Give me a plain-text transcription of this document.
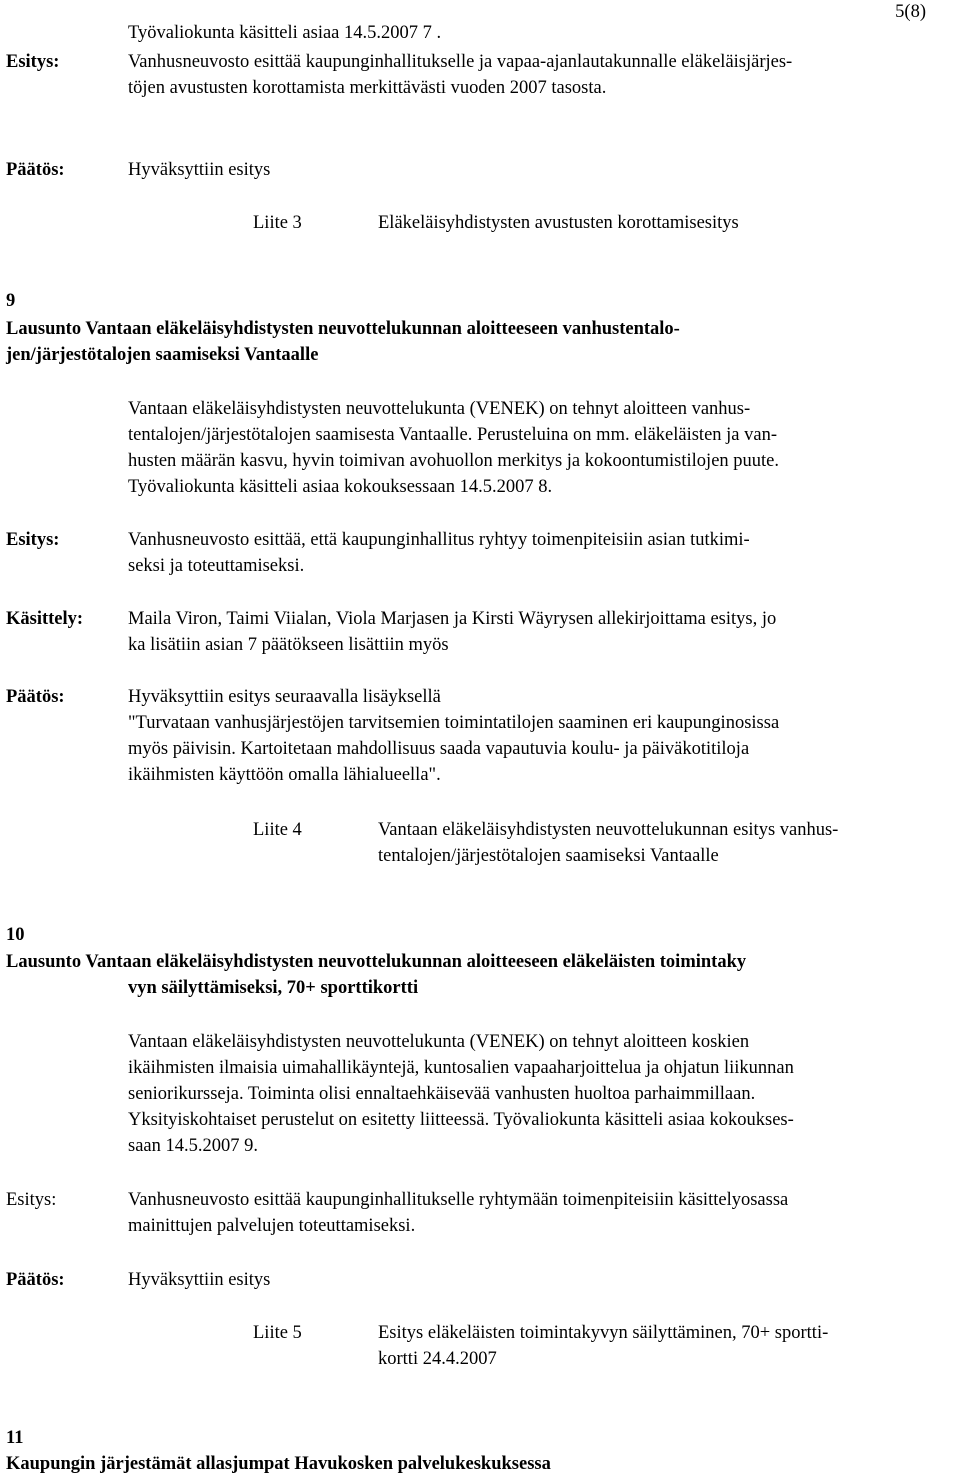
Työvaliokunta käsitteli asiaa 14.5.2007 7 .
5(8)
Esitys:	Vanhusneuvosto esittää kaupunginhallitukselle ja vapaa-ajanlautakunnalle eläkeläisjärjes-
töjen avustusten korottamista merkittävästi vuoden 2007 tasosta.
Päätös:	Hyväksyttiin esitys
Liite 3	Eläkeläisyhdistysten avustusten korottamisesitys
9
Lausunto Vantaan eläkeläisyhdistysten neuvottelukunnan aloitteeseen vanhustentalo-
jen/järjestötalojen saamiseksi Vantaalle
Vantaan eläkeläisyhdistysten neuvottelukunta (VENEK) on tehnyt aloitteen vanhus-
tentalojen/järjestötalojen saamisesta Vantaalle. Perusteluina on mm. eläkeläisten ja van-
husten määrän kasvu, hyvin toimivan avohuollon merkitys ja kokoontumistilojen puute.
Työvaliokunta käsitteli asiaa kokouksessaan 14.5.2007 8.
Esitys:	Vanhusneuvosto esittää, että kaupunginhallitus ryhtyy toimenpiteisiin asian tutkimi-
seksi ja toteuttamiseksi.
Käsittely: Maila Viron, Taimi Viialan, Viola Marjasen ja Kirsti Wäyrysen allekirjoittama esitys, jo
ka lisätiin asian 7 päätökseen lisättiin myös
Päätös:	Hyväksyttiin esitys seuraavalla lisäyksellä
"Turvataan vanhusjärjestöjen tarvitsemien toimintatilojen saaminen eri kaupunginosissa
myös päivisin. Kartoitetaan mahdollisuus saada vapautuvia koulu- ja päiväkotitiloja
ikäihmisten käyttöön omalla lähialueella".
Liite 4	Vantaan eläkeläisyhdistysten neuvottelukunnan esitys vanhus-
tentalojen/järjestötalojen saamiseksi Vantaalle
10
Lausunto Vantaan eläkeläisyhdistysten neuvottelukunnan aloitteeseen eläkeläisten toimintaky
vyn säilyttämiseksi, 70+ sporttikortti
Vantaan eläkeläisyhdistysten neuvottelukunta (VENEK) on tehnyt aloitteen koskien
ikäihmisten ilmaisia uimahallikäyntejä, kuntosalien vapaaharjoittelua ja ohjatun liikunnan
seniorikursseja. Toiminta olisi ennaltaehkäisevää vanhusten huoltoa parhaimmillaan.
Yksityiskohtaiset perustelut on esitetty liitteessä. Työvaliokunta käsitteli asiaa kokoukses-
saan 14.5.2007 9.
Esitys:	Vanhusneuvosto esittää kaupunginhallitukselle ryhtymään toimenpiteisiin käsittelyosassa
mainittujen palvelujen toteuttamiseksi.
Päätös:	Hyväksyttiin esitys
Liite 5	Esitys eläkeläisten toimintakyvyn säilyttäminen, 70+ sportti-
kortti 24.4.2007
11
Kaupungin järjestämät allasjumpat Havukosken palvelukeskuksessa
